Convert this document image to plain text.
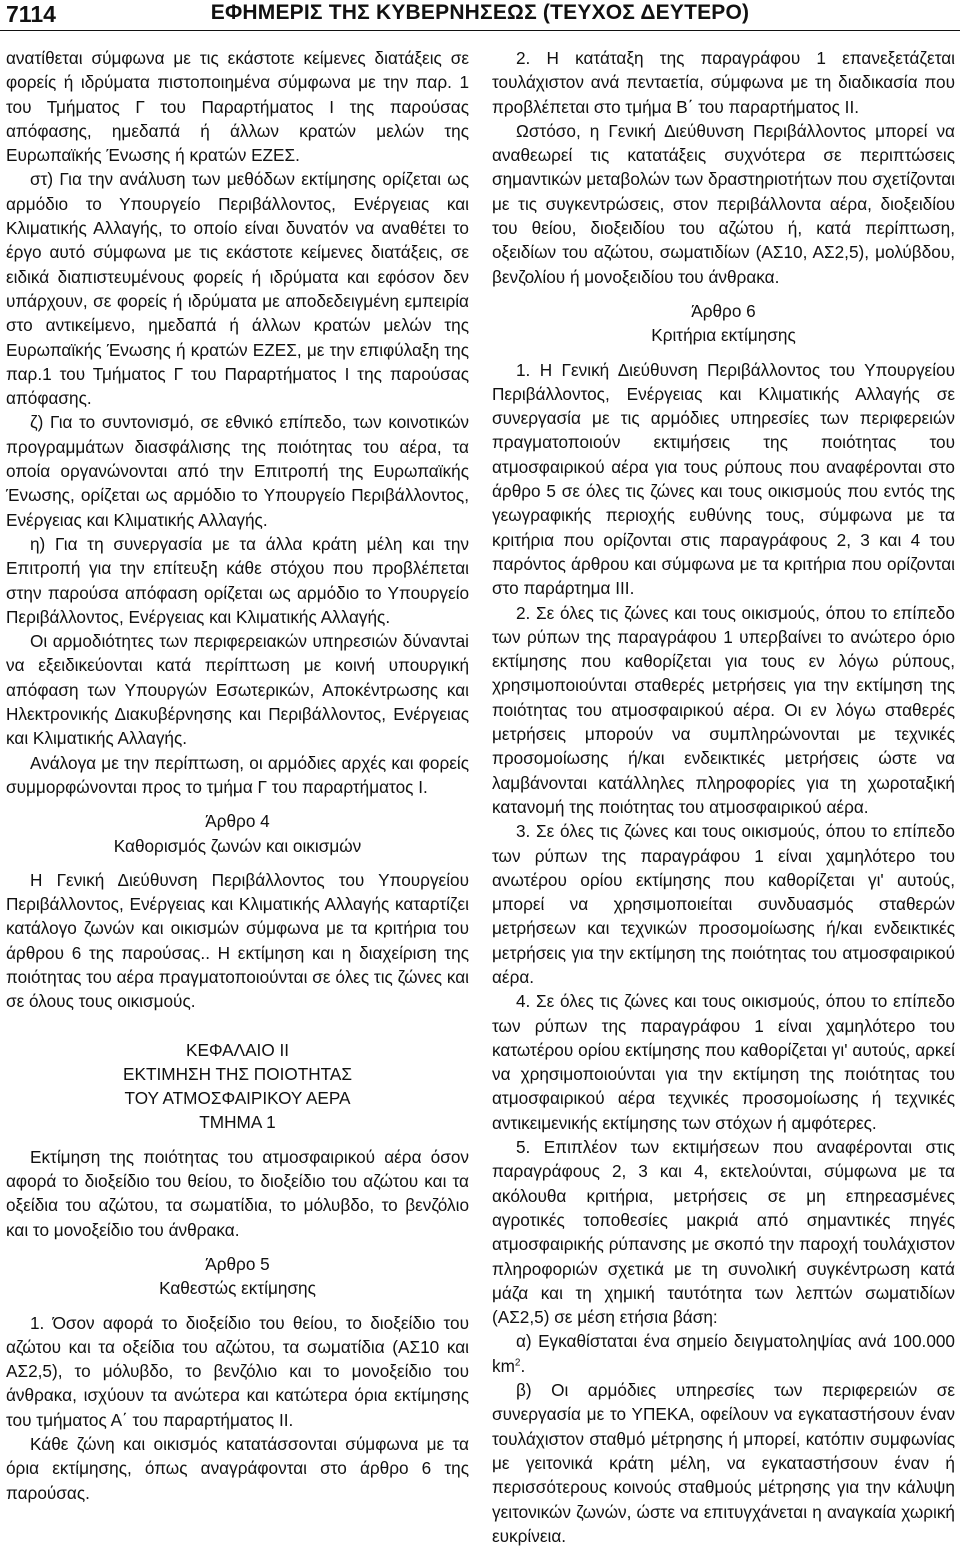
7114	ΕΦΗΜΕΡΙΣ ΤΗΣ ΚΥΒΕΡΝΗΣΕΩΣ (ΤΕΥΧΟΣ ΔΕΥΤΕΡΟ)

ανατίθεται σύμφωνα με τις εκάστοτε κείμενες διατάξεις σε φορείς ή ιδρύματα πιστοποιημένα σύμφωνα με την παρ. 1 του Τμήματος Γ του Παραρτήματος Ι της παρούσας απόφασης, ημεδαπά ή άλλων κρατών μελών της Ευρωπαϊκής Ένωσης ή κρατών ΕΖΕΣ.

στ) Για την ανάλυση των μεθόδων εκτίμησης ορίζεται ως αρμόδιο το Υπουργείο Περιβάλλοντος, Ενέργειας και Κλιματικής Αλλαγής, το οποίο είναι δυνατόν να αναθέτει το έργο αυτό σύμφωνα με τις εκάστοτε κείμενες διατάξεις, σε ειδικά διαπιστευμένους φορείς ή ιδρύματα και εφόσον δεν υπάρχουν, σε φορείς ή ιδρύματα με αποδεδειγμένη εμπειρία στο αντικείμενο, ημεδαπά ή άλλων κρατών μελών της Ευρωπαϊκής Ένωσης ή κρατών ΕΖΕΣ, με την επιφύλαξη της παρ.1 του Τμήματος Γ του Παραρτήματος Ι της παρούσας απόφασης.

ζ) Για το συντονισμό, σε εθνικό επίπεδο, των κοινοτικών προγραμμάτων διασφάλισης της ποιότητας του αέρα, τα οποία οργανώνονται από την Επιτροπή της Ευρωπαϊκής Ένωσης, ορίζεται ως αρμόδιο το Υπουργείο Περιβάλλοντος, Ενέργειας και Κλιματικής Αλλαγής.

η) Για τη συνεργασία με τα άλλα κράτη μέλη και την Επιτροπή για την επίτευξη κάθε στόχου που προβλέπεται στην παρούσα απόφαση ορίζεται ως αρμόδιο το Υπουργείο Περιβάλλοντος, Ενέργειας και Κλιματικής Αλλαγής.

Οι αρμοδιότητες των περιφερειακών υπηρεσιών δύναντai να εξειδικεύονται κατά περίπτωση με κοινή υπουργική απόφαση των Υπουργών Εσωτερικών, Αποκέντρωσης και Ηλεκτρονικής Διακυβέρνησης και Περιβάλλοντος, Ενέργειας και Κλιματικής Αλλαγής.

Ανάλογα με την περίπτωση, οι αρμόδιες αρχές και φορείς συμμορφώνονται προς το τμήμα Γ του παραρτήματος Ι.

Άρθρο 4

Καθορισμός ζωνών και οικισμών

Η Γενική Διεύθυνση Περιβάλλοντος του Υπουργείου Περιβάλλοντος, Ενέργειας και Κλιματικής Αλλαγής καταρτίζει κατάλογο ζωνών και οικισμών σύμφωνα με τα κριτήρια του άρθρου 6 της παρούσας.. Η εκτίμηση και η διαχείριση της ποιότητας του αέρα πραγματοποιούνται σε όλες τις ζώνες και σε όλους τους οικισμούς.

ΚΕΦΑΛΑΙΟ ΙΙ

ΕΚΤΙΜΗΣΗ ΤΗΣ ΠΟΙΟΤΗΤΑΣ

ΤΟΥ ΑΤΜΟΣΦΑΙΡΙΚΟΥ ΑΕΡΑ

ΤΜΗΜΑ 1

Εκτίμηση της ποιότητας του ατμοσφαιρικού αέρα όσον αφορά το διοξείδιο του θείου, το διοξείδιο του αζώτου και τα οξείδια του αζώτου, τα σωματίδια, το μόλυβδο, το βενζόλιο και το μονοξείδιο του άνθρακα.

Άρθρο 5

Καθεστώς εκτίμησης

1. Όσον αφορά το διοξείδιο του θείου, το διοξείδιο του αζώτου και τα οξείδια του αζώτου, τα σωματίδια (ΑΣ10 και ΑΣ2,5), το μόλυβδο, το βενζόλιο και το μονοξείδιο του άνθρακα, ισχύουν τα ανώτερα και κατώτερα όρια εκτίμησης του τμήματος Α΄ του παραρτήματος ΙΙ.

Κάθε ζώνη και οικισμός κατατάσσονται σύμφωνα με τα όρια εκτίμησης, όπως αναγράφονται στο άρθρο 6 της παρούσας.

2. Η κατάταξη της παραγράφου 1 επανεξετάζεται τουλάχιστον ανά πενταετία, σύμφωνα με τη διαδικασία που προβλέπεται στο τμήμα Β΄ του παραρτήματος ΙΙ.

Ωστόσο, η Γενική Διεύθυνση Περιβάλλοντος μπορεί να αναθεωρεί τις κατατάξεις συχνότερα σε περιπτώσεις σημαντικών μεταβολών των δραστηριοτήτων που σχετίζονται με τις συγκεντρώσεις, στον περιβάλλοντα αέρα, διοξειδίου του θείου, διοξειδίου του αζώτου ή, κατά περίπτωση, οξειδίων του αζώτου, σωματιδίων (ΑΣ10, ΑΣ2,5), μολύβδου, βενζολίου ή μονοξειδίου του άνθρακα.

Άρθρο 6

Κριτήρια εκτίμησης

1. Η Γενική Διεύθυνση Περιβάλλοντος του Υπουργείου Περιβάλλοντος, Ενέργειας και Κλιματικής Αλλαγής σε συνεργασία με τις αρμόδιες υπηρεσίες των περιφερειών πραγματοποιούν εκτιμήσεις της ποιότητας του ατμοσφαιρικού αέρα για τους ρύπους που αναφέρονται στο άρθρο 5 σε όλες τις ζώνες και τους οικισμούς που εντός της γεωγραφικής περιοχής ευθύνης τους, σύμφωνα με τα κριτήρια που ορίζονται στις παραγράφους 2, 3 και 4 του παρόντος άρθρου και σύμφωνα με τα κριτήρια που ορίζονται στο παράρτημα ΙΙΙ.

2. Σε όλες τις ζώνες και τους οικισμούς, όπου το επίπεδο των ρύπων της παραγράφου 1 υπερβαίνει το ανώτερο όριο εκτίμησης που καθορίζεται για τους εν λόγω ρύπους, χρησιμοποιούνται σταθερές μετρήσεις για την εκτίμηση της ποιότητας του ατμοσφαιρικού αέρα. Οι εν λόγω σταθερές μετρήσεις μπορούν να συμπληρώνονται με τεχνικές προσομοίωσης ή/και ενδεικτικές μετρήσεις ώστε να λαμβάνονται κατάλληλες πληροφορίες για τη χωροταξική κατανομή της ποιότητας του ατμοσφαιρικού αέρα.

3. Σε όλες τις ζώνες και τους οικισμούς, όπου το επίπεδο των ρύπων της παραγράφου 1 είναι χαμηλότερο του ανωτέρου ορίου εκτίμησης που καθορίζεται γι' αυτούς, μπορεί να χρησιμοποιείται συνδυασμός σταθερών μετρήσεων και τεχνικών προσομοίωσης ή/και ενδεικτικές μετρήσεις για την εκτίμηση της ποιότητας του ατμοσφαιρικού αέρα.

4. Σε όλες τις ζώνες και τους οικισμούς, όπου το επίπεδο των ρύπων της παραγράφου 1 είναι χαμηλότερο του κατωτέρου ορίου εκτίμησης που καθορίζεται γι' αυτούς, αρκεί να χρησιμοποιούνται για την εκτίμηση της ποιότητας του ατμοσφαιρικού αέρα τεχνικές προσομοίωσης ή τεχνικές αντικειμενικής εκτίμησης των στόχων ή αμφότερες.

5. Επιπλέον των εκτιμήσεων που αναφέρονται στις παραγράφους 2, 3 και 4, εκτελούνται, σύμφωνα με τα ακόλουθα κριτήρια, μετρήσεις σε μη επηρεασμένες αγροτικές τοποθεσίες μακριά από σημαντικές πηγές ατμοσφαιρικής ρύπανσης με σκοπό την παροχή τουλάχιστον πληροφοριών σχετικά με τη συνολική συγκέντρωση κατά μάζα και τη χημική ταυτότητα των λεπτών σωματιδίων (ΑΣ2,5) σε μέση ετήσια βάση:

α) Εγκαθίσταται ένα σημείο δειγματοληψίας ανά 100.000 $km^2$.

β) Οι αρμόδιες υπηρεσίες των περιφερειών σε συνεργασία με το ΥΠΕΚΑ, οφείλουν να εγκαταστήσουν έναν τουλάχιστον σταθμό μέτρησης ή μπορεί, κατόπιν συμφωνίας με γειτονικά κράτη μέλη, να εγκαταστήσουν έναν ή περισσότερους κοινούς σταθμούς μέτρησης για την κάλυψη γειτονικών ζωνών, ώστε να επιτυγχάνεται η αναγκαία χωρική ευκρίνεια.
